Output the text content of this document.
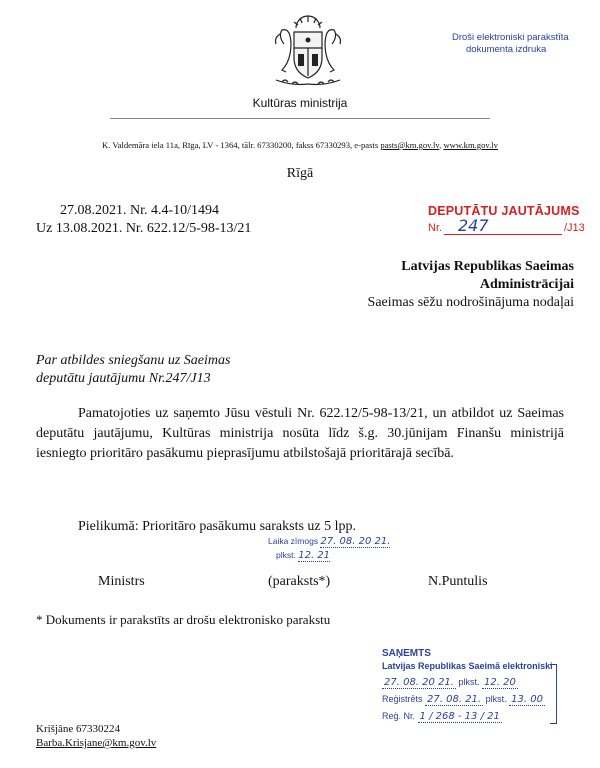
Kultūras ministrija
K. Valdemāra iela 11a, Rīga, LV - 1364, tālr. 67330200, fakss 67330293, e-pasts pasts@km.gov.lv, www.km.gov.lv
Droši elektroniski parakstīta
dokumenta izdruka
Rīgā
27.08.2021. Nr. 4.4-10/1494
Uz 13.08.2021. Nr. 622.12/5-98-13/21
DEPUTĀTU JAUTĀJUMS
Nr. 247	/J13
Latvijas Republikas Saeimas
Administrācijai
Saeimas sēžu nodrošinājuma nodaļai
Par atbildes sniegšanu uz Saeimas
deputātu jautājumu Nr.247/J13
Pamatojoties uz saņemto Jūsu vēstuli Nr. 622.12/5-98-13/21, un atbildot uz Saeimas deputātu jautājumu, Kultūras ministrija nosūta līdz š.g. 30.jūnijam Finanšu ministrijā iesniegto prioritāro pasākumu pieprasījumu atbilstošajā prioritārajā secībā.
Pielikumā: Prioritāro pasākumu saraksts uz 5 lpp.
Laika zīmogs 27. 08. 20 21.
plkst. 12. 21
Ministrs	(paraksts*)	N.Puntulis
* Dokuments ir parakstīts ar drošu elektronisko parakstu
SAŅEMTS
Latvijas Republikas Saeimā elektroniski
27. 08. 20 21. plkst. 12. 20
Reģistrēts 27. 08. 21. plkst. 13. 00
Reģ. Nr. 1 / 268 - 13 / 21
Krišjāne 67330224
Barba.Krisjane@km.gov.lv
